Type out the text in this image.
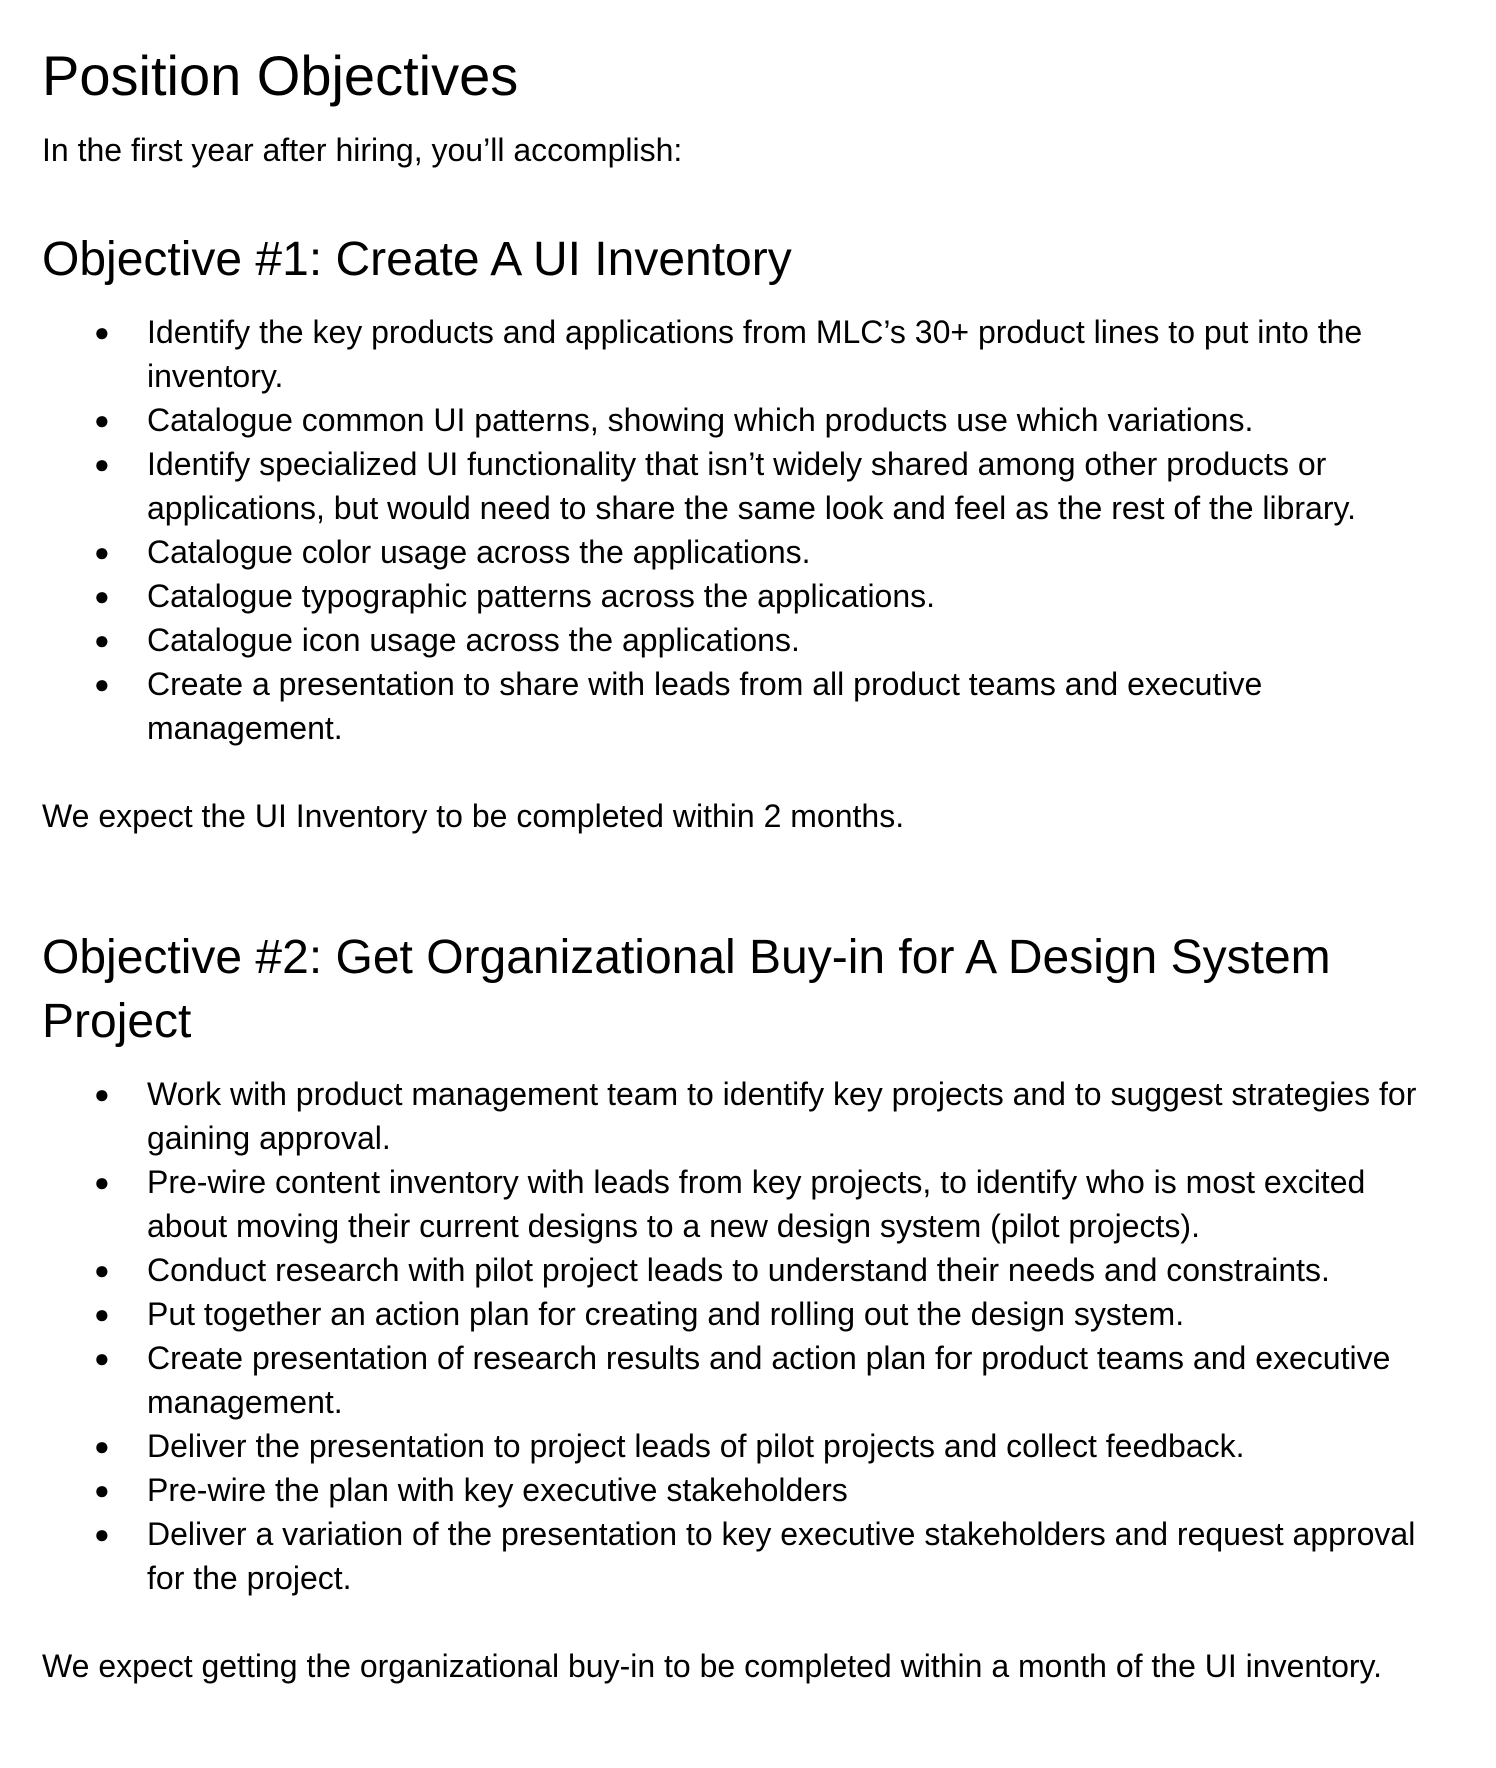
Position Objectives

In the first year after hiring, you’ll accomplish:

Objective #1: Create A UI Inventory
● Identify the key products and applications from MLC’s 30+ product lines to put into the inventory.
● Catalogue common UI patterns, showing which products use which variations.
● Identify specialized UI functionality that isn’t widely shared among other products or applications, but would need to share the same look and feel as the rest of the library.
● Catalogue color usage across the applications.
● Catalogue typographic patterns across the applications.
● Catalogue icon usage across the applications.
● Create a presentation to share with leads from all product teams and executive management.

We expect the UI Inventory to be completed within 2 months.

Objective #2: Get Organizational Buy-in for A Design System Project
● Work with product management team to identify key projects and to suggest strategies for gaining approval.
● Pre-wire content inventory with leads from key projects, to identify who is most excited about moving their current designs to a new design system (pilot projects).
● Conduct research with pilot project leads to understand their needs and constraints.
● Put together an action plan for creating and rolling out the design system.
● Create presentation of research results and action plan for product teams and executive management.
● Deliver the presentation to project leads of pilot projects and collect feedback.
● Pre-wire the plan with key executive stakeholders
● Deliver a variation of the presentation to key executive stakeholders and request approval for the project.

We expect getting the organizational buy-in to be completed within a month of the UI inventory.
